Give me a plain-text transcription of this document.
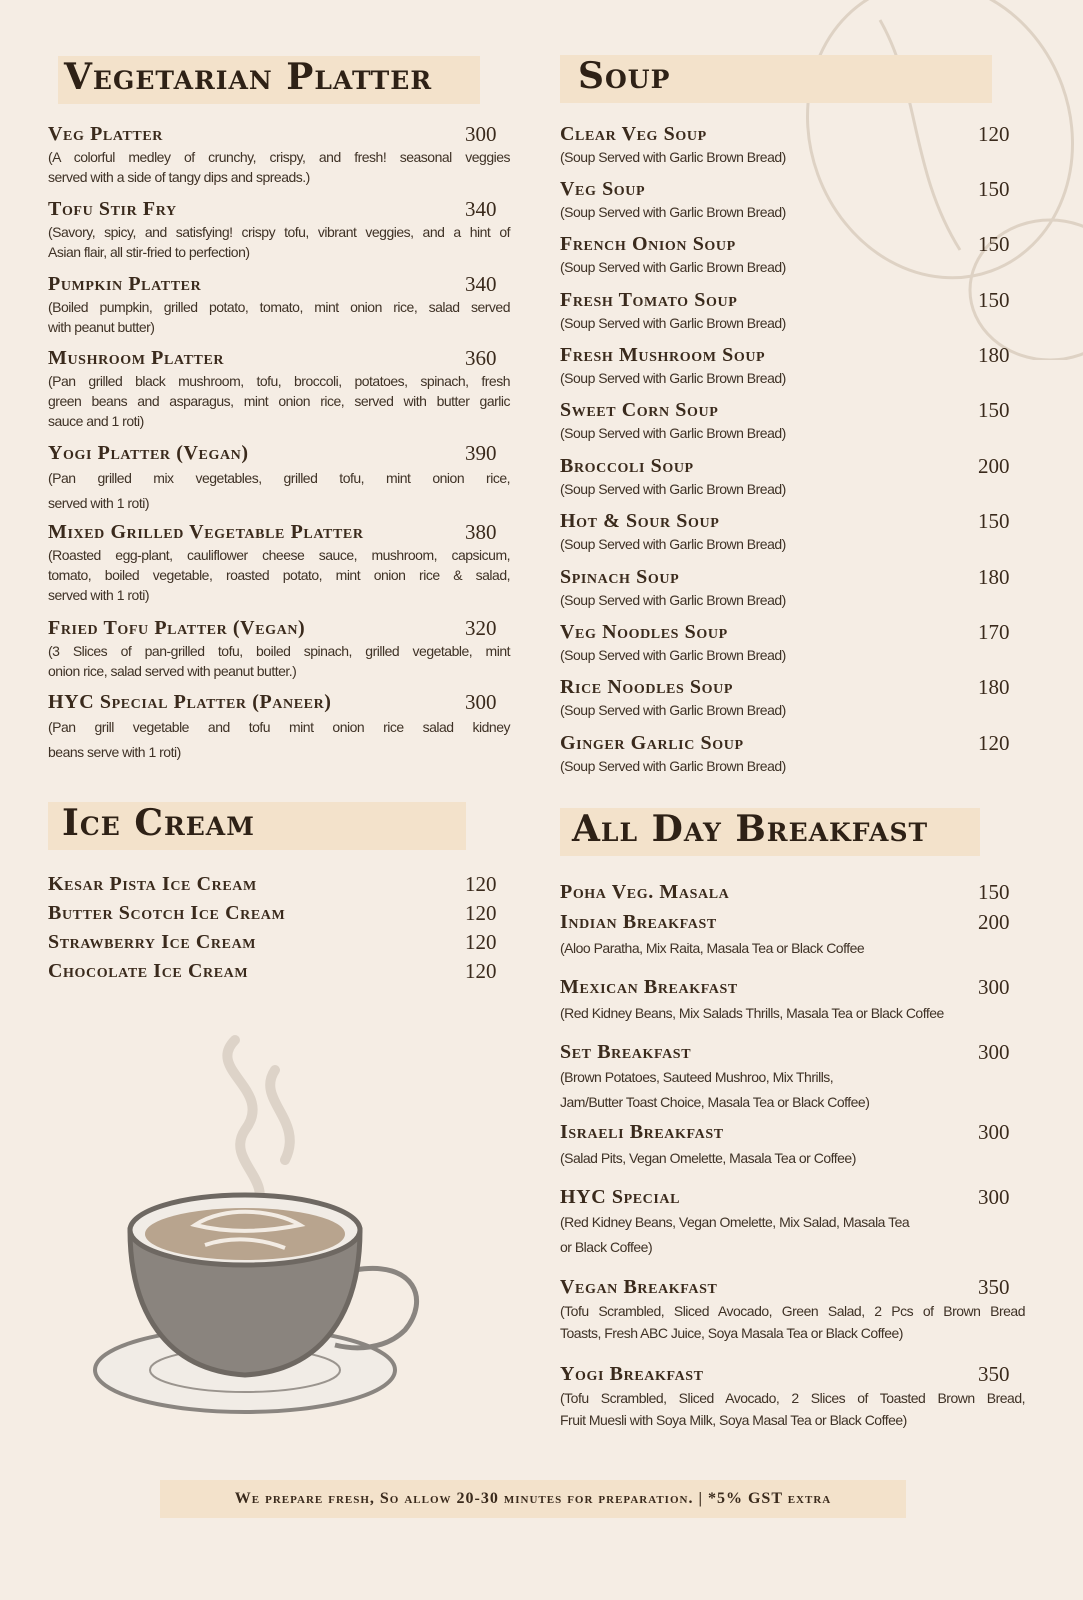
Vegetarian Platter
Veg Platter	300
(A colorful medley of crunchy, crispy, and fresh! seasonal veggies
served with a side of tangy dips and spreads.)
Tofu Stir Fry	340
(Savory, spicy, and satisfying! crispy tofu, vibrant veggies, and a hint of
Asian flair, all stir-fried to perfection)
Pumpkin Platter	340
(Boiled pumpkin, grilled potato, tomato, mint onion rice, salad served
with peanut butter)
Mushroom Platter	360
(Pan grilled black mushroom, tofu, broccoli, potatoes, spinach, fresh
green beans and asparagus, mint onion rice, served with butter garlic
sauce and 1 roti)
Yogi Platter (Vegan)	390
(Pan grilled mix vegetables, grilled tofu, mint onion rice,
served with 1 roti)
Mixed Grilled Vegetable Platter	380
(Roasted egg-plant, cauliflower cheese sauce, mushroom, capsicum,
tomato, boiled vegetable, roasted potato, mint onion rice & salad,
served with 1 roti)
Fried Tofu Platter (Vegan)	320
(3 Slices of pan-grilled tofu, boiled spinach, grilled vegetable, mint
onion rice, salad served with peanut butter.)
HYC Special Platter (Paneer)	300
(Pan grill vegetable and tofu mint onion rice salad kidney
beans serve with 1 roti)
Soup
Clear Veg Soup	120
(Soup Served with Garlic Brown Bread)
Veg Soup	150
(Soup Served with Garlic Brown Bread)
French Onion Soup	150
(Soup Served with Garlic Brown Bread)
Fresh Tomato Soup	150
(Soup Served with Garlic Brown Bread)
Fresh Mushroom Soup	180
(Soup Served with Garlic Brown Bread)
Sweet Corn Soup	150
(Soup Served with Garlic Brown Bread)
Broccoli Soup	200
(Soup Served with Garlic Brown Bread)
Hot & Sour Soup	150
(Soup Served with Garlic Brown Bread)
Spinach Soup	180
(Soup Served with Garlic Brown Bread)
Veg Noodles Soup	170
(Soup Served with Garlic Brown Bread)
Rice Noodles Soup	180
(Soup Served with Garlic Brown Bread)
Ginger Garlic Soup	120
(Soup Served with Garlic Brown Bread)
Ice Cream
Kesar Pista Ice Cream	120
Butter Scotch Ice Cream	120
Strawberry Ice Cream	120
Chocolate Ice Cream	120
All Day Breakfast
Poha Veg. Masala	150
Indian Breakfast	200
(Aloo Paratha, Mix Raita, Masala Tea or Black Coffee
Mexican Breakfast	300
(Red Kidney Beans, Mix Salads Thrills, Masala Tea or Black Coffee
Set Breakfast	300
(Brown Potatoes, Sauteed Mushroo, Mix Thrills,
Jam/Butter Toast Choice, Masala Tea or Black Coffee)
Israeli Breakfast	300
(Salad Pits, Vegan Omelette, Masala Tea or Coffee)
HYC Special	300
(Red Kidney Beans, Vegan Omelette, Mix Salad, Masala Tea
or Black Coffee)
Vegan Breakfast	350
(Tofu Scrambled, Sliced Avocado, Green Salad, 2 Pcs of Brown Bread
Toasts, Fresh ABC Juice, Soya Masala Tea or Black Coffee)
Yogi Breakfast	350
(Tofu Scrambled, Sliced Avocado, 2 Slices of Toasted Brown Bread,
Fruit Muesli with Soya Milk, Soya Masal Tea or Black Coffee)
We prepare fresh, So allow 20-30 minutes for preparation. | *5% GST extra
